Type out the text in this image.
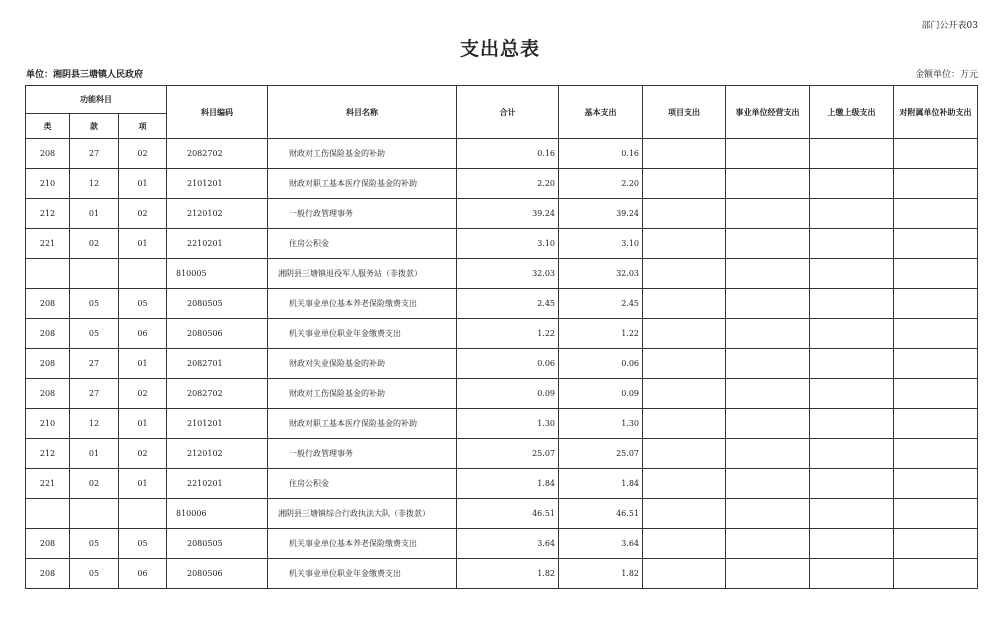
部门公开表03
支出总表
单位：湘阴县三塘镇人民政府	金额单位：万元
功能科目			科目编码	科目名称	合计	基本支出	项目支出	事业单位经营支出	上缴上级支出	对附属单位补助支出
类	款	项								
208	27	02	2082702	财政对工伤保险基金的补助	0.16	0.16				
210	12	01	2101201	财政对职工基本医疗保险基金的补助	2.20	2.20				
212	01	02	2120102	一般行政管理事务	39.24	39.24				
221	02	01	2210201	住房公积金	3.10	3.10				
			810005	湘阴县三塘镇退役军人服务站（非拨款）	32.03	32.03				
208	05	05	2080505	机关事业单位基本养老保险缴费支出	2.45	2.45				
208	05	06	2080506	机关事业单位职业年金缴费支出	1.22	1.22				
208	27	01	2082701	财政对失业保险基金的补助	0.06	0.06				
208	27	02	2082702	财政对工伤保险基金的补助	0.09	0.09				
210	12	01	2101201	财政对职工基本医疗保险基金的补助	1.30	1.30				
212	01	02	2120102	一般行政管理事务	25.07	25.07				
221	02	01	2210201	住房公积金	1.84	1.84				
			810006	湘阴县三塘镇综合行政执法大队（非拨款）	46.51	46.51				
208	05	05	2080505	机关事业单位基本养老保险缴费支出	3.64	3.64				
208	05	06	2080506	机关事业单位职业年金缴费支出	1.82	1.82				
